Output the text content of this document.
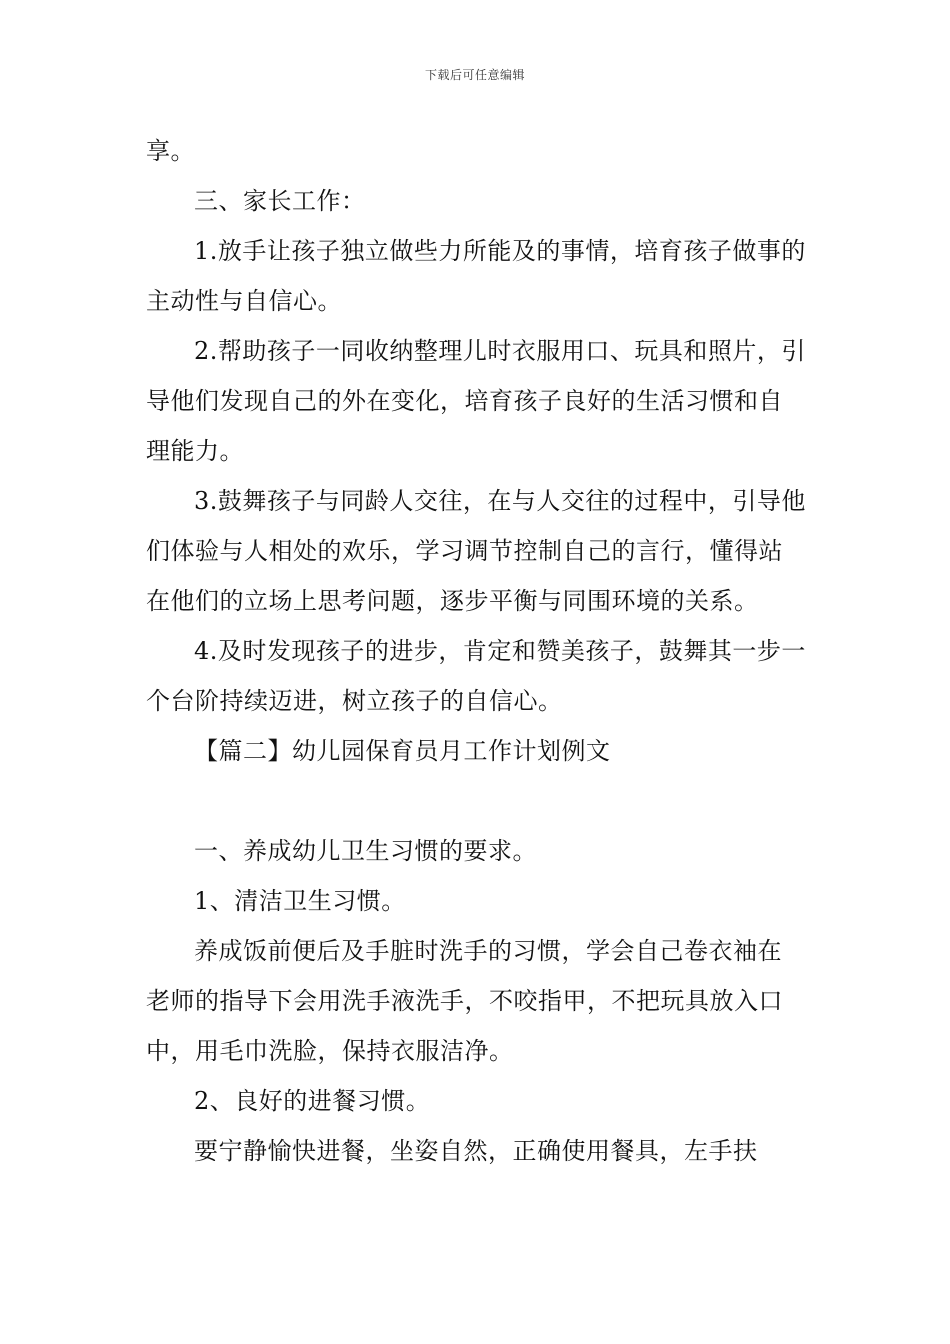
下载后可任意编辑

享。

三、家长工作：

1.放手让孩子独立做些力所能及的事情，培育孩子做事的主动性与自信心。

2.帮助孩子一同收纳整理儿时衣服用口、玩具和照片，引导他们发现自己的外在变化，培育孩子良好的生活习惯和自理能力。

3.鼓舞孩子与同龄人交往，在与人交往的过程中，引导他们体验与人相处的欢乐，学习调节控制自己的言行，懂得站在他们的立场上思考问题，逐步平衡与同围环境的关系。

4.及时发现孩子的进步，肯定和赞美孩子，鼓舞其一步一个台阶持续迈进，树立孩子的自信心。

【篇二】幼儿园保育员月工作计划例文

一、养成幼儿卫生习惯的要求。

1、清洁卫生习惯。

养成饭前便后及手脏时洗手的习惯，学会自己卷衣袖在老师的指导下会用洗手液洗手，不咬指甲，不把玩具放入口中，用毛巾洗脸，保持衣服洁净。

2、良好的进餐习惯。

要宁静愉快进餐，坐姿自然，正确使用餐具，左手扶
